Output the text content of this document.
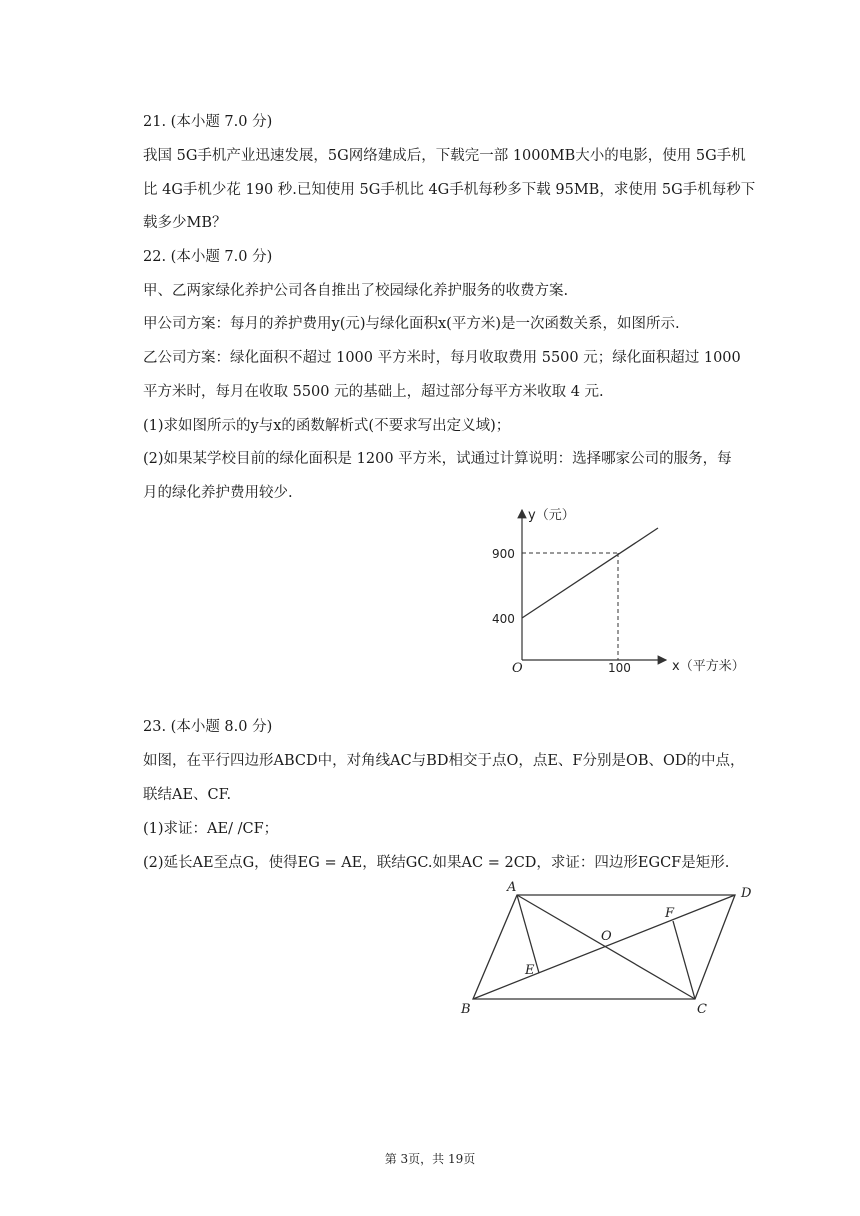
21. (本小题 7.0 分)
我国 5G手机产业迅速发展，5G网络建成后，下载完一部 1000MB大小的电影，使用 5G手机
比 4G手机少花 190 秒.已知使用 5G手机比 4G手机每秒多下载 95MB，求使用 5G手机每秒下
载多少MB？
22. (本小题 7.0 分)
甲、乙两家绿化养护公司各自推出了校园绿化养护服务的收费方案.
甲公司方案：每月的养护费用y(元)与绿化面积x(平方米)是一次函数关系，如图所示.
乙公司方案：绿化面积不超过 1000 平方米时，每月收取费用 5500 元；绿化面积超过 1000
平方米时，每月在收取 5500 元的基础上，超过部分每平方米收取 4 元.
(1)求如图所示的y与x的函数解析式(不要求写出定义域)；
(2)如果某学校目前的绿化面积是 1200 平方米，试通过计算说明：选择哪家公司的服务，每
月的绿化养护费用较少.
y（元）
900
400
O	100	x（平方米）
23. (本小题 8.0 分)
如图，在平行四边形ABCD中，对角线AC与BD相交于点O，点E、F分别是OB、OD的中点，
联结AE、CF.
(1)求证：AE/ /CF；
(2)延长AE至点G，使得EG = AE，联结GC.如果AC = 2CD，求证：四边形EGCF是矩形.
A	D
C
B
O
E
F
第 3页，共 19页
